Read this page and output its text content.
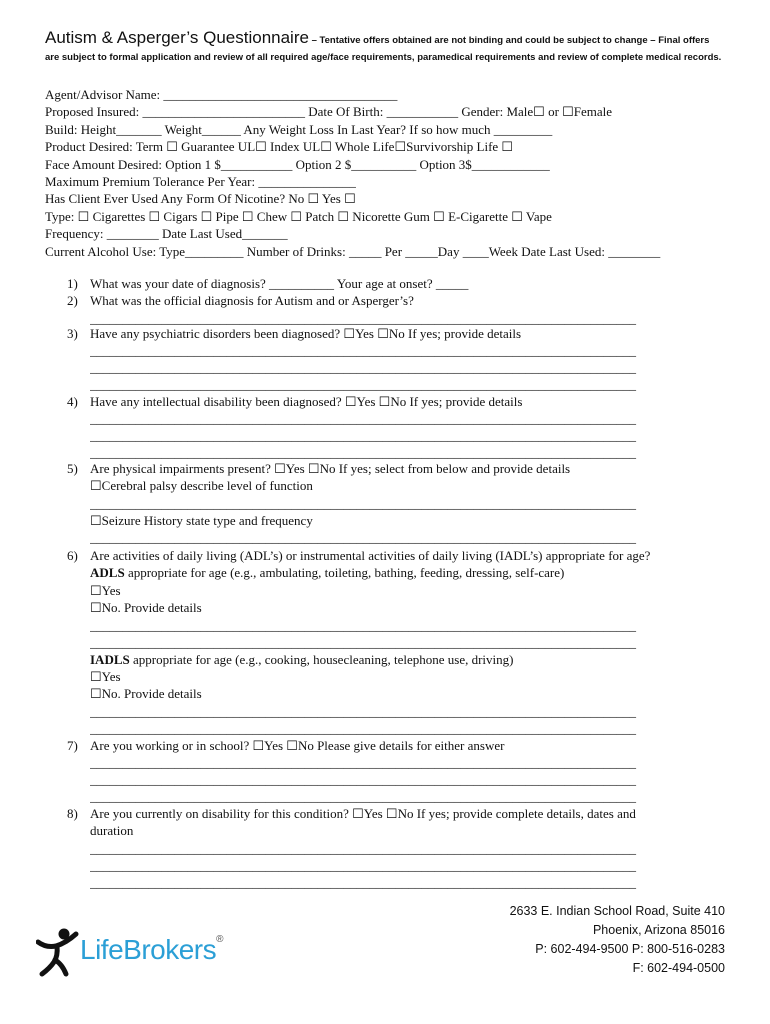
Autism & Asperger’s Questionnaire – Tentative offers obtained are not binding and could be subject to change – Final offers
are subject to formal application and review of all required age/face requirements, paramedical requirements and review of complete medical records.
Agent/Advisor Name: ____________________________________
Proposed Insured: _________________________ Date Of Birth: ___________ Gender: Male☐ or ☐Female
Build: Height_______ Weight______ Any Weight Loss In Last Year? If so how much _________
Product Desired: Term ☐ Guarantee UL☐ Index UL☐ Whole Life☐Survivorship Life ☐
Face Amount Desired: Option 1 $___________ Option 2 $__________ Option 3$____________
Maximum Premium Tolerance Per Year: _______________
Has Client Ever Used Any Form Of Nicotine? No ☐ Yes ☐
Type: ☐ Cigarettes ☐ Cigars ☐ Pipe ☐ Chew ☐ Patch ☐ Nicorette Gum ☐ E-Cigarette ☐ Vape
Frequency: ________ Date Last Used_______
Current Alcohol Use: Type_________ Number of Drinks: _____ Per _____Day ____Week Date Last Used: ________
1) What was your date of diagnosis? __________ Your age at onset? _____
2) What was the official diagnosis for Autism and or Asperger’s?
____________________________________________________________________________________
3) Have any psychiatric disorders been diagnosed? ☐Yes ☐No If yes; provide details
____________________________________________________________________________________
____________________________________________________________________________________
____________________________________________________________________________________
4) Have any intellectual disability been diagnosed? ☐Yes ☐No If yes; provide details
____________________________________________________________________________________
____________________________________________________________________________________
____________________________________________________________________________________
5) Are physical impairments present? ☐Yes ☐No If yes; select from below and provide details
☐Cerebral palsy describe level of function
____________________________________________________________________________________
☐Seizure History state type and frequency
____________________________________________________________________________________
6) Are activities of daily living (ADL’s) or instrumental activities of daily living (IADL’s) appropriate for age?
ADLS appropriate for age (e.g., ambulating, toileting, bathing, feeding, dressing, self-care)
☐Yes
☐No. Provide details
____________________________________________________________________________________
____________________________________________________________________________________
IADLS appropriate for age (e.g., cooking, housecleaning, telephone use, driving)
☐Yes
☐No. Provide details
____________________________________________________________________________________
____________________________________________________________________________________
7) Are you working or in school? ☐Yes ☐No Please give details for either answer
____________________________________________________________________________________
____________________________________________________________________________________
____________________________________________________________________________________
8) Are you currently on disability for this condition? ☐Yes ☐No If yes; provide complete details, dates and
duration
____________________________________________________________________________________
____________________________________________________________________________________
____________________________________________________________________________________
LifeBrokers®
2633 E. Indian School Road, Suite 410
Phoenix, Arizona 85016
P: 602-494-9500 P: 800-516-0283
F: 602-494-0500
